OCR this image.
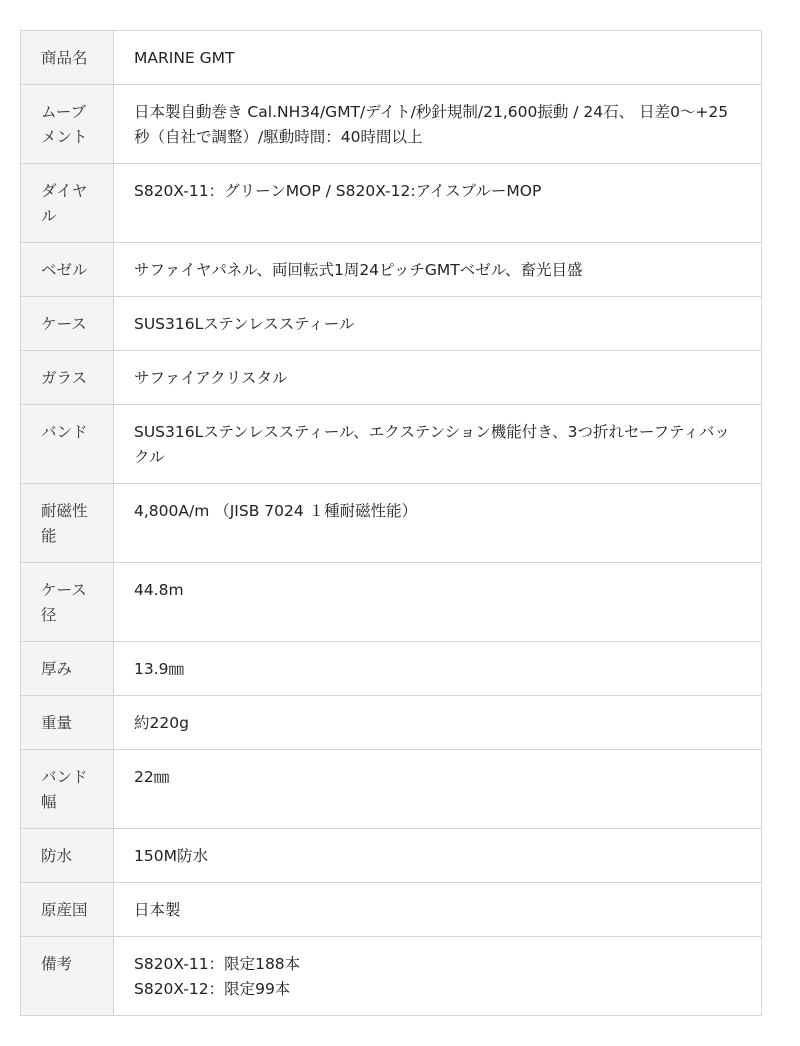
商品名	MARINE GMT
ムーブメント	日本製自動巻き Cal.NH34/GMT/デイト/秒針規制/21,600振動 / 24石、 日差0〜+25秒（自社で調整）/駆動時間：40時間以上
ダイヤル	S820X-11：グリーンMOP / S820X-12:アイスブルーMOP
ベゼル	サファイヤパネル、両回転式1周24ピッチGMTベゼル、畜光目盛
ケース	SUS316Lステンレススティール
ガラス	サファイアクリスタル
バンド	SUS316Lステンレススティール、エクステンション機能付き、3つ折れセーフティバックル
耐磁性能	4,800A/m （JISB 7024 １種耐磁性能）
ケース径	44.8m
厚み	13.9㎜
重量	約220g
バンド幅	22㎜
防水	150M防水
原産国	日本製
備考	S820X-11：限定188本
S820X-12：限定99本
